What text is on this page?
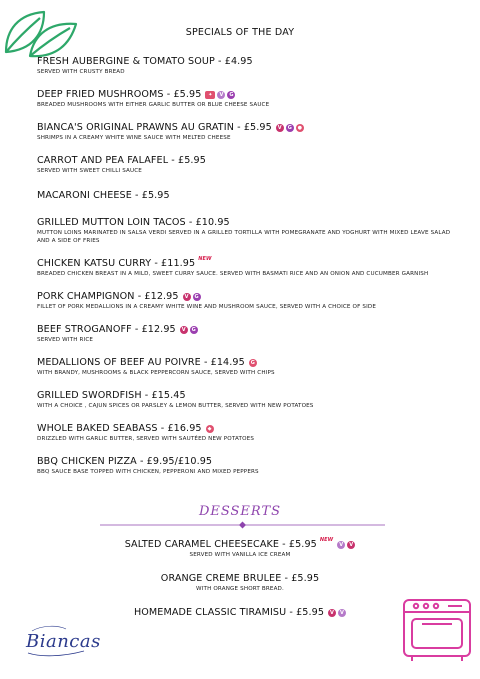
SPECIALS OF THE DAY
FRESH AUBERGINE & TOMATO SOUP - £4.95
SERVED WITH CRUSTY BREAD
DEEP FRIED MUSHROOMS - £5.95	✦	V	G
BREADED MUSHROOMS WITH EITHER GARLIC BUTTER OR BLUE CHEESE SAUCE
BIANCA'S ORIGINAL PRAWNS AU GRATIN - £5.95	V	G	●
SHRIMPS IN A CREAMY WHITE WINE SAUCE WITH MELTED CHEESE
CARROT AND PEA FALAFEL - £5.95
SERVED WITH SWEET CHILLI SAUCE
MACARONI CHEESE - £5.95
GRILLED MUTTON LOIN TACOS - £10.95
MUTTON LOINS MARINATED IN SALSA VERDI SERVED IN A GRILLED TORTILLA WITH POMEGRANATE AND YOGHURT WITH MIXED LEAVE SALAD AND A SIDE OF FRIES
CHICKEN KATSU CURRY - £11.95 NEW
BREADED CHICKEN BREAST IN A MILD, SWEET CURRY SAUCE. SERVED WITH BASMATI RICE AND AN ONION AND CUCUMBER GARNISH
PORK CHAMPIGNON - £12.95	V	G
FILLET OF PORK MEDALLIONS IN A CREAMY WHITE WINE AND MUSHROOM SAUCE, SERVED WITH A CHOICE OF SIDE
BEEF STROGANOFF - £12.95	V	G
SERVED WITH RICE
MEDALLIONS OF BEEF AU POIVRE - £14.95	G
WITH BRANDY, MUSHROOMS & BLACK PEPPERCORN SAUCE, SERVED WITH CHIPS
GRILLED SWORDFISH - £15.45
WITH A CHOICE , CAJUN SPICES OR PARSLEY & LEMON BUTTER, SERVED WITH NEW POTATOES
WHOLE BAKED SEABASS - £16.95	◆
DRIZZLED WITH GARLIC BUTTER, SERVED WITH SAUTÉED NEW POTATOES
BBQ CHICKEN PIZZA - £9.95/£10.95
BBQ SAUCE BASE TOPPED WITH CHICKEN, PEPPERONI AND MIXED PEPPERS
DESSERTS
SALTED CARAMEL CHEESECAKE - £5.95 NEW
V	V
SERVED WITH VANILLA ICE CREAM
ORANGE CREME BRULEE - £5.95
WITH ORANGE SHORT BREAD.
HOMEMADE CLASSIC TIRAMISU - £5.95	V	V
Biancas
